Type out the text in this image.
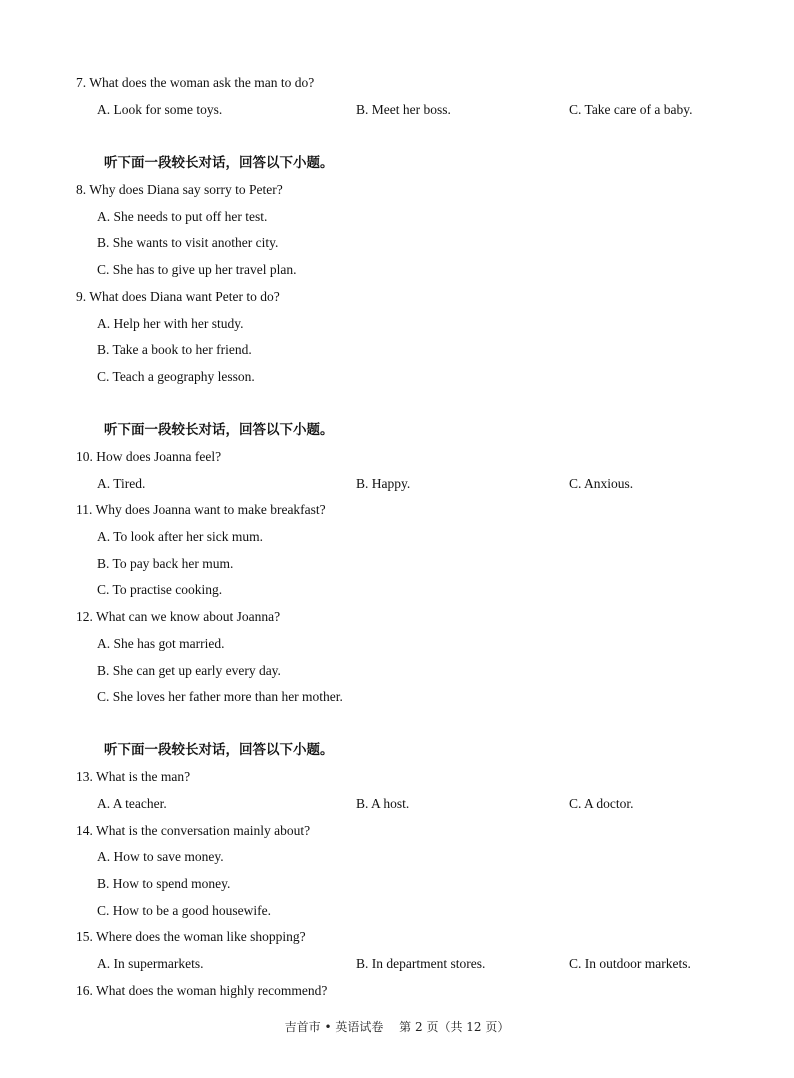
7. What does the woman ask the man to do?
A. Look for some toys.	B. Meet her boss.	C. Take care of a baby.
听下面一段较长对话，回答以下小题。
8. Why does Diana say sorry to Peter?
A. She needs to put off her test.
B. She wants to visit another city.
C. She has to give up her travel plan.
9. What does Diana want Peter to do?
A. Help her with her study.
B. Take a book to her friend.
C. Teach a geography lesson.
听下面一段较长对话，回答以下小题。
10. How does Joanna feel?
A. Tired.	B. Happy.	C. Anxious.
11. Why does Joanna want to make breakfast?
A. To look after her sick mum.
B. To pay back her mum.
C. To practise cooking.
12. What can we know about Joanna?
A. She has got married.
B. She can get up early every day.
C. She loves her father more than her mother.
听下面一段较长对话，回答以下小题。
13. What is the man?
A. A teacher.	B. A host.	C. A doctor.
14. What is the conversation mainly about?
A. How to save money.
B. How to spend money.
C. How to be a good housewife.
15. Where does the woman like shopping?
A. In supermarkets.	B. In department stores.	C. In outdoor markets.
16. What does the woman highly recommend?
吉首市 • 英语试卷　 第 2 页（共 12 页）
